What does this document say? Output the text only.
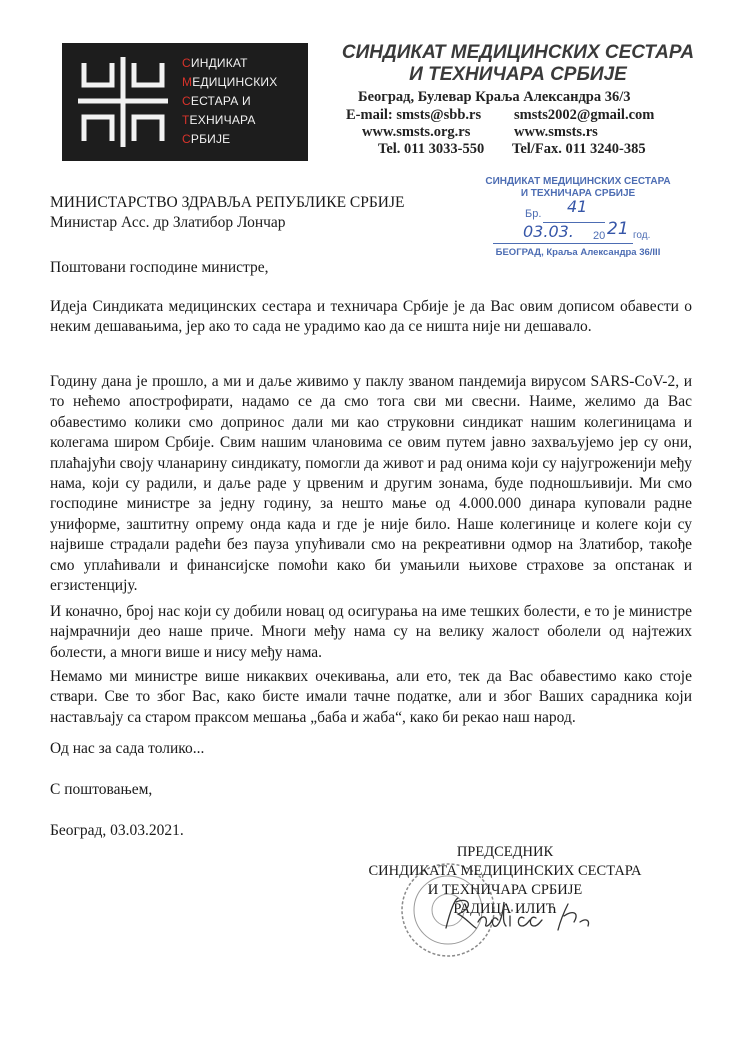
СИНДИКАТ
МЕДИЦИНСКИХ
СЕСТАРА И
ТЕХНИЧАРА
СРБИЈЕ
СИНДИКАТ МЕДИЦИНСКИХ СЕСТАРА
И ТЕХНИЧАРА СРБИЈЕ
Београд, Булевар Краља Александра 36/3
E-mail: smsts@sbb.rs smsts2002@gmail.com
www.smsts.org.rs	www.smsts.rs
Tel. 011 3033-550 Tel/Fax. 011 3240-385
МИНИСТАРСТВО ЗДРАВЉА РЕПУБЛИКЕ СРБИЈЕ
Министар Асс. др Златибор Лончар
СИНДИКАТ МЕДИЦИНСКИХ СЕСТАРА
И ТЕХНИЧАРА СРБИЈЕ
Бр. 41
03.03. 20 21 год.
БЕОГРАД, Краља Александра 36/III
Поштовани господине министре,
Идеја Синдиката медицинских сестара и техничара Србије је да Вас овим дописом обавести о неким дешавањима, јер ако то сада не урадимо као да се ништа није ни дешавало.
Годину дана је прошло, а ми и даље живимо у паклу званом пандемија вирусом SARS-CoV-2, и то нећемо апострофирати, надамо се да смо тога сви ми свесни. Наиме, желимо да Вас обавестимо колики смо допринос дали ми као струковни синдикат нашим колегиницама и колегама широм Србије. Свим нашим члановима се овим путем јавно захваљујемо јер су они, плаћајући своју чланарину синдикату, помогли да живот и рад онима који су најугроженији међу нама, који су радили, и даље раде у црвеним и другим зонама, буде подношљивији. Ми смо господине министре за једну годину, за нешто мање од 4.000.000 динара куповали радне униформе, заштитну опрему онда када и где је није било. Наше колегинице и колеге који су највише страдали радећи без пауза упућивали смо на рекреативни одмор на Златибор, такође смо уплаћивали и финансијске помоћи како би умањили њихове страхове за опстанак и егзистенцију.
И коначно, број нас који су добили новац од осигурања на име тешких болести, е то је министре најмрачнији део наше приче. Многи међу нама су на велику жалост оболели од најтежих болести, а многи више и нису међу нама.
Немамо ми министре више никаквих очекивања, али ето, тек да Вас обавестимо како стоје ствари. Све то због Вас, како бисте имали тачне податке, али и због Ваших сарадника који настављају са старом праксом мешања „баба и жаба“, како би рекао наш народ.
Од нас за сада толико...
С поштовањем,
Београд, 03.03.2021.
ПРЕДСЕДНИК
СИНДИКАТА МЕДИЦИНСКИХ СЕСТАРА
И ТЕХНИЧАРА СРБИЈЕ
РАДИЦА ИЛИЋ
